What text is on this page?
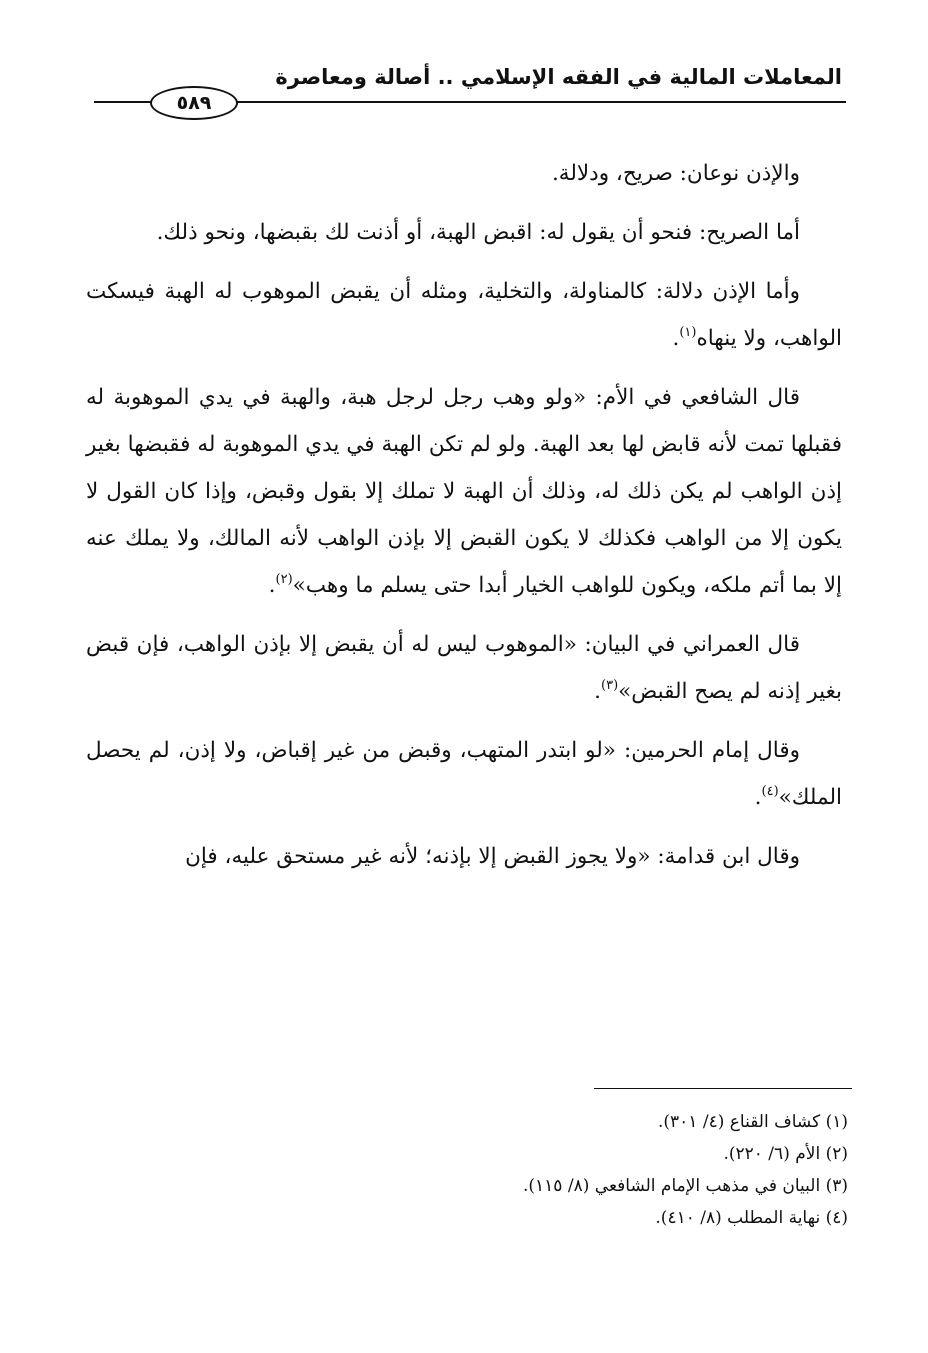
المعاملات المالية في الفقه الإسلامي .. أصالة ومعاصرة
٥٨٩

والإذن نوعان: صريح، ودلالة.

أما الصريح: فنحو أن يقول له: اقبض الهبة، أو أذنت لك بقبضها، ونحو ذلك.

وأما الإذن دلالة: كالمناولة، والتخلية، ومثله أن يقبض الموهوب له الهبة فيسكت الواهب، ولا ينهاه$^{(١)}$.

قال الشافعي في الأم: «ولو وهب رجل لرجل هبة، والهبة في يدي الموهوبة له فقبلها تمت لأنه قابض لها بعد الهبة. ولو لم تكن الهبة في يدي الموهوبة له فقبضها بغير إذن الواهب لم يكن ذلك له، وذلك أن الهبة لا تملك إلا بقول وقبض، وإذا كان القول لا يكون إلا من الواهب فكذلك لا يكون القبض إلا بإذن الواهب لأنه المالك، ولا يملك عنه إلا بما أتم ملكه، ويكون للواهب الخيار أبدا حتى يسلم ما وهب»$^{(٢)}$.

قال العمراني في البيان: «الموهوب ليس له أن يقبض إلا بإذن الواهب، فإن قبض بغير إذنه لم يصح القبض»$^{(٣)}$.

وقال إمام الحرمين: «لو ابتدر المتهب، وقبض من غير إقباض، ولا إذن، لم يحصل الملك»$^{(٤)}$.

وقال ابن قدامة: «ولا يجوز القبض إلا بإذنه؛ لأنه غير مستحق عليه، فإن

(١) كشاف القناع (٤/ ٣٠١).
(٢) الأم (٦/ ٢٢٠).
(٣) البيان في مذهب الإمام الشافعي (٨/ ١١٥).
(٤) نهاية المطلب (٨/ ٤١٠).
